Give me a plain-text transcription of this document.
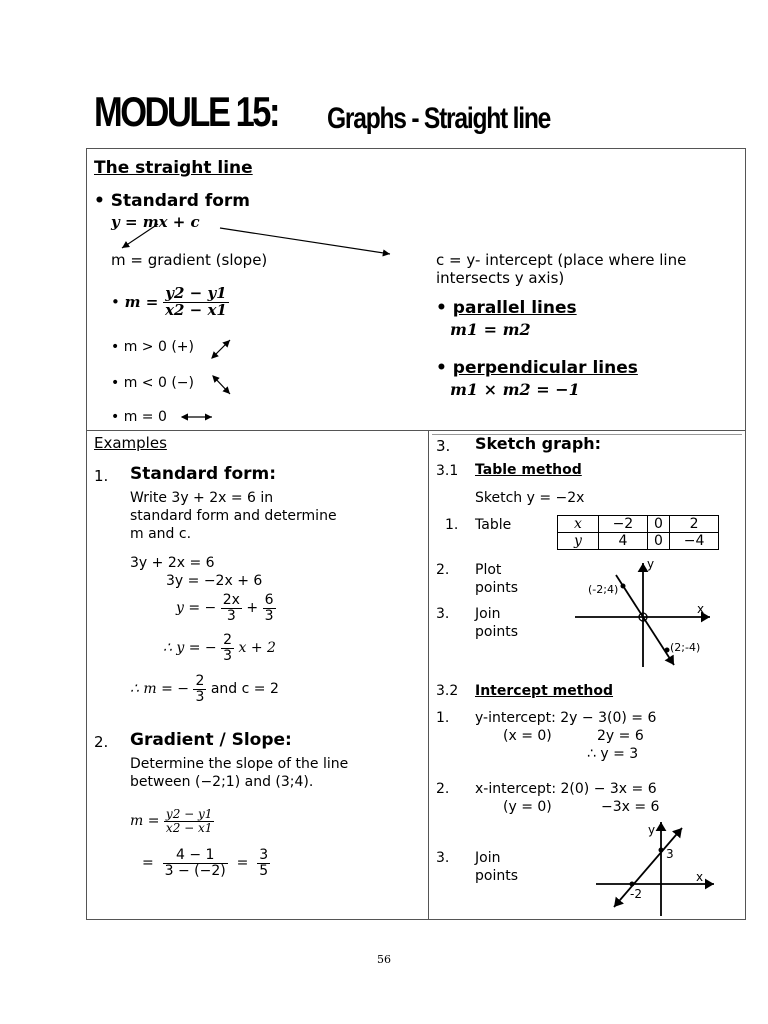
MODULE 15: Graphs - Straight line
The straight line
• Standard form
y = mx + c
m = gradient (slope)	c = y- intercept (place where line
intersects y axis)
• $m = \frac{y2 - y1}{x2 - x1}$
• m > 0 (+)
• m < 0 (−)
• m = 0
• parallel lines
m1 = m2
• perpendicular lines
m1 × m2 = −1
Examples
1. Standard form:
Write 3y + 2x = 6 in
standard form and determine
m and c.
3y + 2x = 6
3y = −2x + 6
y = − $\frac{2x}{3} + \frac{6}{3}$
∴ y = − $\frac{2}{3}$ x + 2
∴ m = − $\frac{2}{3}$ and c = 2
2. Gradient / Slope:
Determine the slope of the line
between (−2;1) and (3;4).
$m = \frac{y2 - y1}{x2 - x1}$
= $\frac{4 - 1}{3 - (-2)} = \frac{3}{5}$
3. Sketch graph:
3.1 Table method
Sketch y = −2x
1. Table	x	−2	0	2
y	4	0	−4
2. Plot
points
3. Join
points
y
x
(-2;4)
(2;-4)
3.2 Intercept method
1. y-intercept: 2y − 3(0) = 6
(x = 0)	2y = 6
∴ y = 3
2. x-intercept: 2(0) − 3x = 6
(y = 0)	−3x = 6
3. Join
points
y
x
3
-2
56
